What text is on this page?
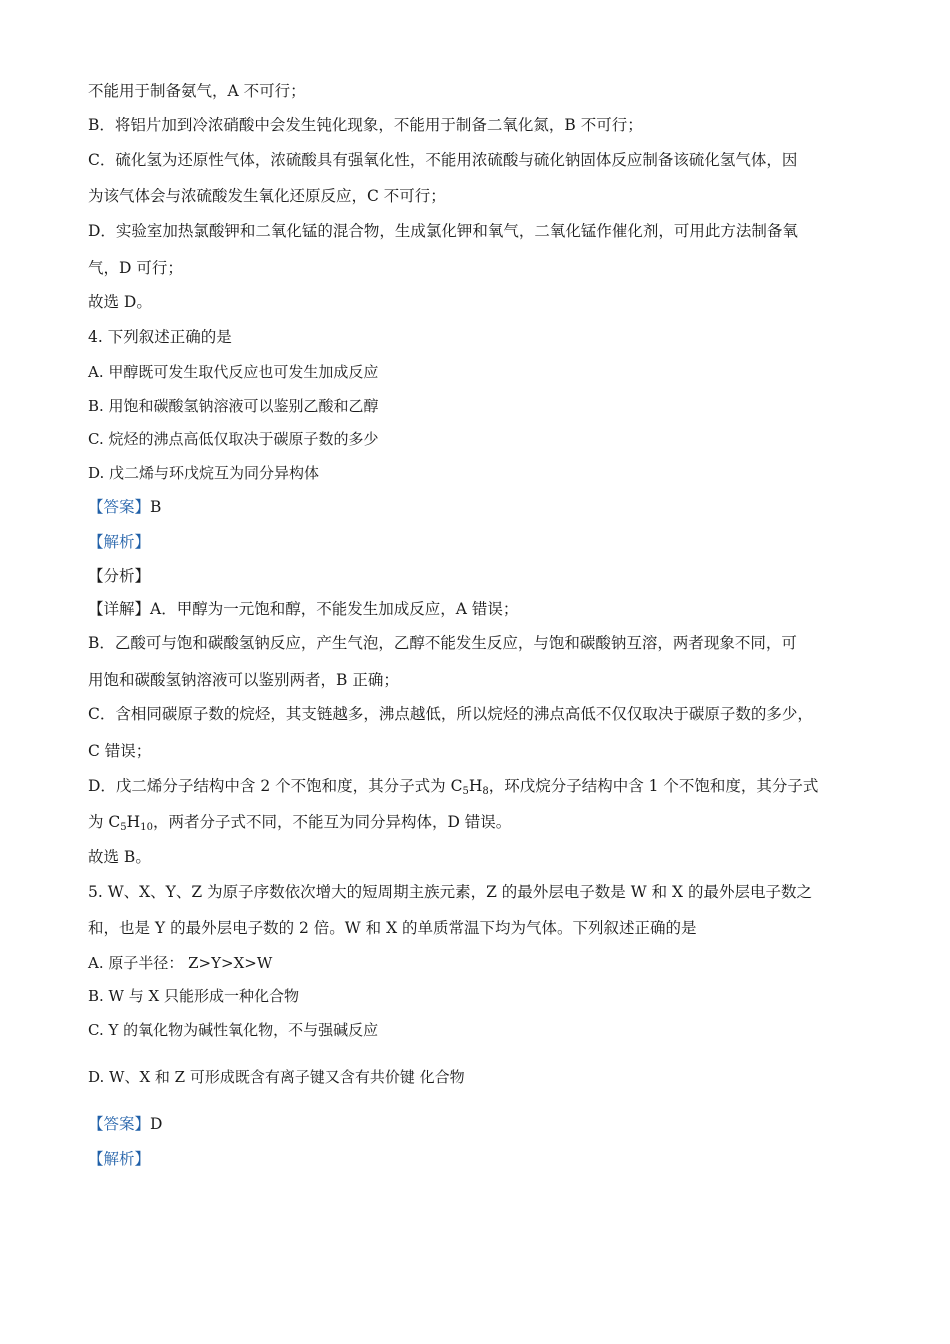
不能用于制备氨气，A 不可行；
B．将铝片加到冷浓硝酸中会发生钝化现象，不能用于制备二氧化氮，B 不可行；
C．硫化氢为还原性气体，浓硫酸具有强氧化性，不能用浓硫酸与硫化钠固体反应制备该硫化氢气体，因
为该气体会与浓硫酸发生氧化还原反应，C 不可行；
D．实验室加热氯酸钾和二氧化锰的混合物，生成氯化钾和氧气，二氧化锰作催化剂，可用此方法制备氧
气，D 可行；
故选 D。
4. 下列叙述正确的是
A. 甲醇既可发生取代反应也可发生加成反应
B. 用饱和碳酸氢钠溶液可以鉴别乙酸和乙醇
C. 烷烃的沸点高低仅取决于碳原子数的多少
D. 戊二烯与环戊烷互为同分异构体
【答案】B
【解析】
【分析】
【详解】A．甲醇为一元饱和醇，不能发生加成反应，A 错误；
B．乙酸可与饱和碳酸氢钠反应，产生气泡，乙醇不能发生反应，与饱和碳酸钠互溶，两者现象不同，可
用饱和碳酸氢钠溶液可以鉴别两者，B 正确；
C．含相同碳原子数的烷烃，其支链越多，沸点越低，所以烷烃的沸点高低不仅仅取决于碳原子数的多少，
C 错误；
D．戊二烯分子结构中含 2 个不饱和度，其分子式为 $C_5H_8$，环戊烷分子结构中含 1 个不饱和度，其分子式
为 $C_5H_{10}$，两者分子式不同，不能互为同分异构体，D 错误。
故选 B。
5. W、X、Y、Z 为原子序数依次增大的短周期主族元素，Z 的最外层电子数是 W 和 X 的最外层电子数之
和，也是 Y 的最外层电子数的 2 倍。W 和 X 的单质常温下均为气体。下列叙述正确的是
A. 原子半径： Z>Y>X>W
B. W 与 X 只能形成一种化合物
C. Y 的氧化物为碱性氧化物，不与强碱反应
D. W、X 和 Z 可形成既含有离子键又含有共价键 化合物
【答案】D
【解析】
